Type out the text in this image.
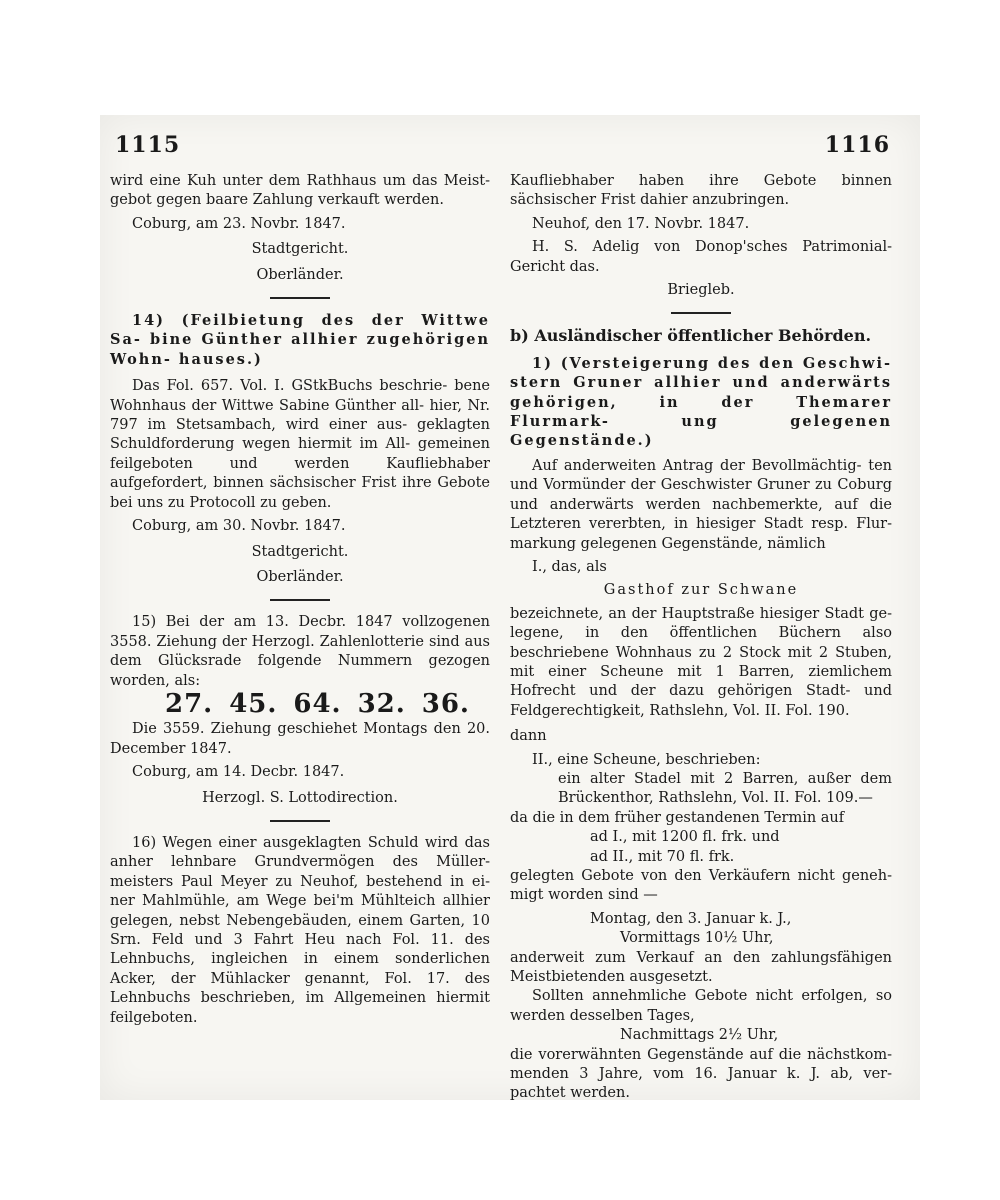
1115	1116

wird eine Kuh unter dem Rathhaus um das Meist- gebot gegen baare Zahlung verkauft werden.

Coburg, am 23. Novbr. 1847.

Stadtgericht.

Oberländer.

14) (Feilbietung des der Wittwe Sa- bine Günther allhier zugehörigen Wohn- hauses.)

Das Fol. 657. Vol. I. GStkBuchs beschrie- bene Wohnhaus der Wittwe Sabine Günther all- hier, Nr. 797 im Stetsambach, wird einer aus- geklagten Schuldforderung wegen hiermit im All- gemeinen feilgeboten und werden Kaufliebhaber aufgefordert, binnen sächsischer Frist ihre Gebote bei uns zu Protocoll zu geben.

Coburg, am 30. Novbr. 1847.

Stadtgericht.

Oberländer.

15) Bei der am 13. Decbr. 1847 vollzogenen 3558. Ziehung der Herzogl. Zahlenlotterie sind aus dem Glücksrade folgende Nummern gezogen worden, als:

27. 45. 64. 32. 36.

Die 3559. Ziehung geschiehet Montags den 20. December 1847.

Coburg, am 14. Decbr. 1847.

Herzogl. S. Lottodirection.

16) Wegen einer ausgeklagten Schuld wird das anher lehnbare Grundvermögen des Müller- meisters Paul Meyer zu Neuhof, bestehend in ei- ner Mahlmühle, am Wege bei'm Mühlteich allhier gelegen, nebst Nebengebäuden, einem Garten, 10 Srn. Feld und 3 Fahrt Heu nach Fol. 11. des Lehnbuchs, ingleichen in einem sonderlichen Acker, der Mühlacker genannt, Fol. 17. des Lehnbuchs beschrieben, im Allgemeinen hiermit feilgeboten.

Kaufliebhaber haben ihre Gebote binnen sächsischer Frist dahier anzubringen.

Neuhof, den 17. Novbr. 1847.

H. S. Adelig von Donop'sches Patrimonial- Gericht das.

Briegleb.

b) Ausländischer öffentlicher Behörden.

1) (Versteigerung des den Geschwi- stern Gruner allhier und anderwärts gehörigen, in der Themarer Flurmark- ung gelegenen Gegenstände.)

Auf anderweiten Antrag der Bevollmächtig- ten und Vormünder der Geschwister Gruner zu Coburg und anderwärts werden nachbemerkte, auf die Letzteren vererbten, in hiesiger Stadt resp. Flur- markung gelegenen Gegenstände, nämlich

I., das, als

Gasthof zur Schwane

bezeichnete, an der Hauptstraße hiesiger Stadt ge- legene, in den öffentlichen Büchern also beschriebene Wohnhaus zu 2 Stock mit 2 Stuben, mit einer Scheune mit 1 Barren, ziemlichem Hofrecht und der dazu gehörigen Stadt- und Feldgerechtigkeit, Rathslehn, Vol. II. Fol. 190.

dann

II., eine Scheune, beschrieben:

ein alter Stadel mit 2 Barren, außer dem Brückenthor, Rathslehn, Vol. II. Fol. 109.—

da die in dem früher gestandenen Termin auf

ad I., mit 1200 fl. frk. und

ad II., mit 70 fl. frk.

gelegten Gebote von den Verkäufern nicht geneh- migt worden sind —

Montag, den 3. Januar k. J.,

Vormittags 10½ Uhr,

anderweit zum Verkauf an den zahlungsfähigen Meistbietenden ausgesetzt.

Sollten annehmliche Gebote nicht erfolgen, so werden desselben Tages,

Nachmittags 2½ Uhr,

die vorerwähnten Gegenstände auf die nächstkom- menden 3 Jahre, vom 16. Januar k. J. ab, ver- pachtet werden.
